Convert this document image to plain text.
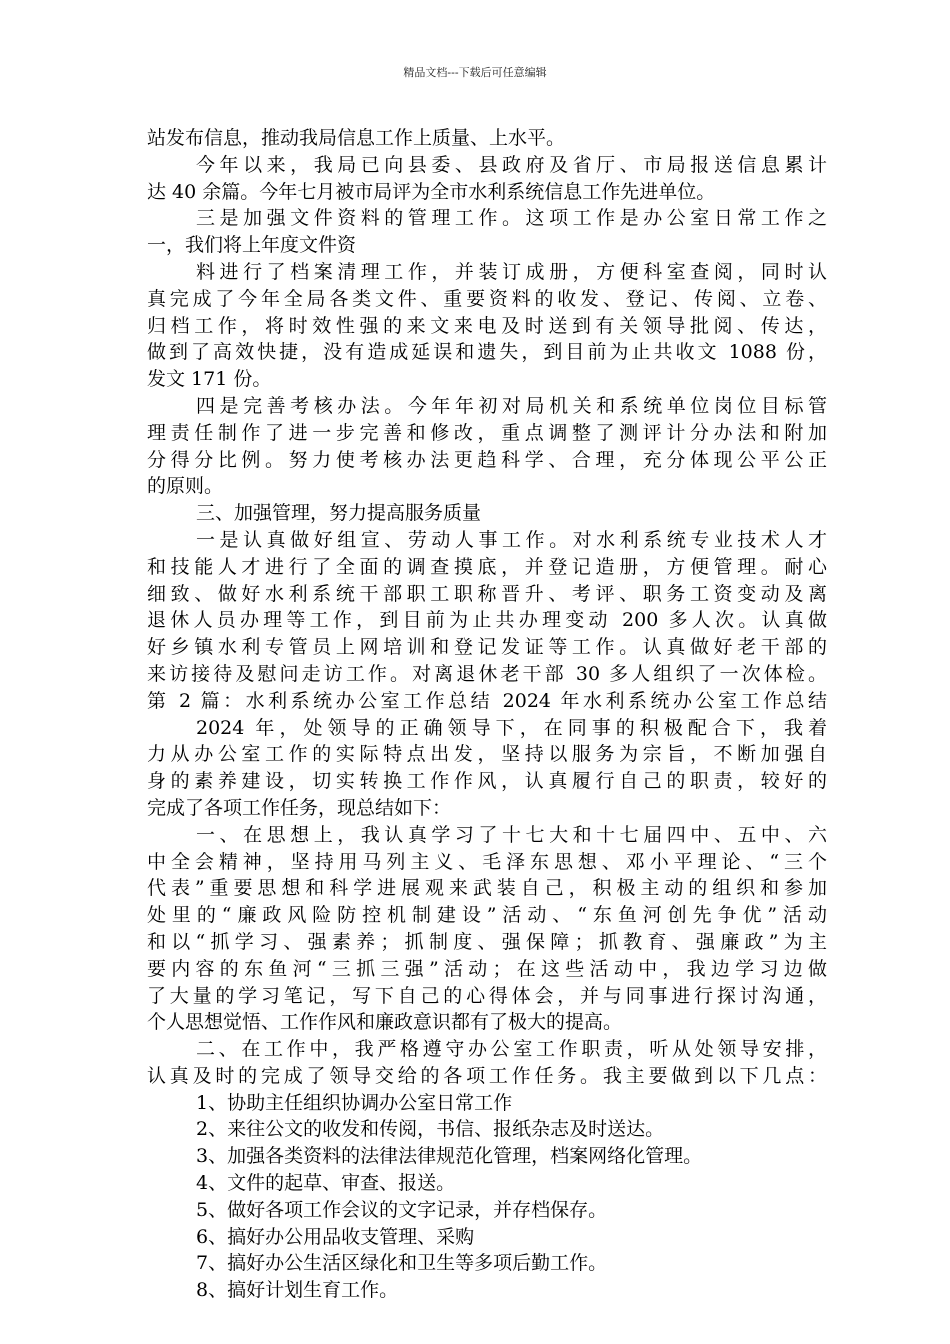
精品文档---下载后可任意编辑
站发布信息，推动我局信息工作上质量、上水平。
今年以来，我局已向县委、县政府及省厅、市局报送信息累计
达 40 余篇。今年七月被市局评为全市水利系统信息工作先进单位。
三是加强文件资料的管理工作。这项工作是办公室日常工作之
一，我们将上年度文件资
料进行了档案清理工作，并装订成册，方便科室查阅，同时认
真完成了今年全局各类文件、重要资料的收发、登记、传阅、立卷、
归档工作，将时效性强的来文来电及时送到有关领导批阅、传达，
做到了高效快捷，没有造成延误和遗失，到目前为止共收文 1088 份，
发文 171 份。
四是完善考核办法。今年年初对局机关和系统单位岗位目标管
理责任制作了进一步完善和修改，重点调整了测评计分办法和附加
分得分比例。努力使考核办法更趋科学、合理，充分体现公平公正
的原则。
三、加强管理，努力提高服务质量
一是认真做好组宣、劳动人事工作。对水利系统专业技术人才
和技能人才进行了全面的调查摸底，并登记造册，方便管理。耐心
细致、做好水利系统干部职工职称晋升、考评、职务工资变动及离
退休人员办理等工作，到目前为止共办理变动 200 多人次。认真做
好乡镇水利专管员上网培训和登记发证等工作。认真做好老干部的
来访接待及慰问走访工作。对离退休老干部 30 多人组织了一次体检。
第 2 篇：水利系统办公室工作总结 2024 年水利系统办公室工作总结
2024 年，处领导的正确领导下，在同事的积极配合下，我着
力从办公室工作的实际特点出发，坚持以服务为宗旨，不断加强自
身的素养建设，切实转换工作作风，认真履行自己的职责，较好的
完成了各项工作任务，现总结如下：
一、在思想上，我认真学习了十七大和十七届四中、五中、六
中全会精神，坚持用马列主义、毛泽东思想、邓小平理论、“三个
代表”重要思想和科学进展观来武装自己，积极主动的组织和参加
处里的“廉政风险防控机制建设”活动、“东鱼河创先争优”活动
和以“抓学习、强素养；抓制度、强保障；抓教育、强廉政”为主
要内容的东鱼河“三抓三强”活动；在这些活动中，我边学习边做
了大量的学习笔记，写下自己的心得体会，并与同事进行探讨沟通，
个人思想觉悟、工作作风和廉政意识都有了极大的提高。
二、在工作中，我严格遵守办公室工作职责，听从处领导安排，
认真及时的完成了领导交给的各项工作任务。我主要做到以下几点：
1、协助主任组织协调办公室日常工作
2、来往公文的收发和传阅，书信、报纸杂志及时送达。
3、加强各类资料的法律法律规范化管理，档案网络化管理。
4、文件的起草、审查、报送。
5、做好各项工作会议的文字记录，并存档保存。
6、搞好办公用品收支管理、采购
7、搞好办公生活区绿化和卫生等多项后勤工作。
8、搞好计划生育工作。
